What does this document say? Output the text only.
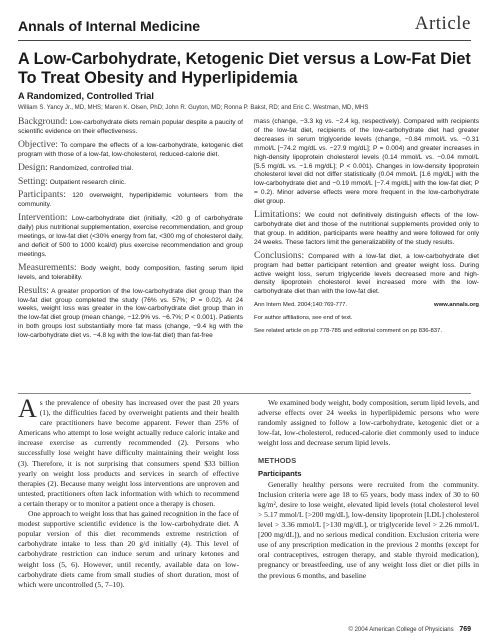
Annals of Internal Medicine	Article
A Low-Carbohydrate, Ketogenic Diet versus a Low-Fat Diet To Treat Obesity and Hyperlipidemia
A Randomized, Controlled Trial
William S. Yancy Jr., MD, MHS; Maren K. Olsen, PhD; John R. Guyton, MD; Ronna P. Bakst, RD; and Eric C. Westman, MD, MHS

Background: Low-carbohydrate diets remain popular despite a paucity of scientific evidence on their effectiveness.

Objective: To compare the effects of a low-carbohydrate, ketogenic diet program with those of a low-fat, low-cholesterol, reduced-calorie diet.

Design: Randomized, controlled trial.

Setting: Outpatient research clinic.

Participants: 120 overweight, hyperlipidemic volunteers from the community.

Intervention: Low-carbohydrate diet (initially, <20 g of carbohydrate daily) plus nutritional supplementation, exercise recommendation, and group meetings, or low-fat diet (<30% energy from fat, <300 mg of cholesterol daily, and deficit of 500 to 1000 kcal/d) plus exercise recommendation and group meetings.

Measurements: Body weight, body composition, fasting serum lipid levels, and tolerability.

Results: A greater proportion of the low-carbohydrate diet group than the low-fat diet group completed the study (76% vs. 57%; P = 0.02). At 24 weeks, weight loss was greater in the low-carbohydrate diet group than in the low-fat diet group (mean change, −12.9% vs. −6.7%; P < 0.001). Patients in both groups lost substantially more fat mass (change, −9.4 kg with the low-carbohydrate diet vs. −4.8 kg with the low-fat diet) than fat-free

mass (change, −3.3 kg vs. −2.4 kg, respectively). Compared with recipients of the low-fat diet, recipients of the low-carbohydrate diet had greater decreases in serum triglyceride levels (change, −0.84 mmol/L vs. −0.31 mmol/L [−74.2 mg/dL vs. −27.9 mg/dL]; P = 0.004) and greater increases in high-density lipoprotein cholesterol levels (0.14 mmol/L vs. −0.04 mmol/L [5.5 mg/dL vs. −1.6 mg/dL]; P < 0.001). Changes in low-density lipoprotein cholesterol level did not differ statistically (0.04 mmol/L [1.6 mg/dL] with the low-carbohydrate diet and −0.19 mmol/L [−7.4 mg/dL] with the low-fat diet; P = 0.2). Minor adverse effects were more frequent in the low-carbohydrate diet group.

Limitations: We could not definitively distinguish effects of the low-carbohydrate diet and those of the nutritional supplements provided only to that group. In addition, participants were healthy and were followed for only 24 weeks. These factors limit the generalizability of the study results.

Conclusions: Compared with a low-fat diet, a low-carbohydrate diet program had better participant retention and greater weight loss. During active weight loss, serum triglyceride levels decreased more and high-density lipoprotein cholesterol level increased more with the low-carbohydrate diet than with the low-fat diet.

Ann Intern Med. 2004;140:769-777.	www.annals.org

For author affiliations, see end of text.

See related article on pp 778-785 and editorial comment on pp 836-837.

As the prevalence of obesity has increased over the past 20 years (1), the difficulties faced by overweight patients and their health care practitioners have become apparent. Fewer than 25% of Americans who attempt to lose weight actually reduce caloric intake and increase exercise as currently recommended (2). Persons who successfully lose weight have difficulty maintaining their weight loss (3). Therefore, it is not surprising that consumers spend $33 billion yearly on weight loss products and services in search of effective therapies (2). Because many weight loss interventions are unproven and untested, practitioners often lack information with which to recommend a certain therapy or to monitor a patient once a therapy is chosen.

One approach to weight loss that has gained recognition in the face of modest supportive scientific evidence is the low-carbohydrate diet. A popular version of this diet recommends extreme restriction of carbohydrate intake to less than 20 g/d initially (4). This level of carbohydrate restriction can induce serum and urinary ketones and weight loss (5, 6). However, until recently, available data on low-carbohydrate diets came from small studies of short duration, most of which were uncontrolled (5, 7–10).

We examined body weight, body composition, serum lipid levels, and adverse effects over 24 weeks in hyperlipidemic persons who were randomly assigned to follow a low-carbohydrate, ketogenic diet or a low-fat, low-cholesterol, reduced-calorie diet commonly used to induce weight loss and decrease serum lipid levels.

METHODS
Participants

Generally healthy persons were recruited from the community. Inclusion criteria were age 18 to 65 years, body mass index of 30 to 60 kg/m², desire to lose weight, elevated lipid levels (total cholesterol level > 5.17 mmol/L [>200 mg/dL], low-density lipoprotein [LDL] cholesterol level > 3.36 mmol/L [>130 mg/dL], or triglyceride level > 2.26 mmol/L [200 mg/dL]), and no serious medical condition. Exclusion criteria were use of any prescription medication in the previous 2 months (except for oral contraceptives, estrogen therapy, and stable thyroid medication), pregnancy or breastfeeding, use of any weight loss diet or diet pills in the previous 6 months, and baseline

© 2004 American College of Physicians 769
